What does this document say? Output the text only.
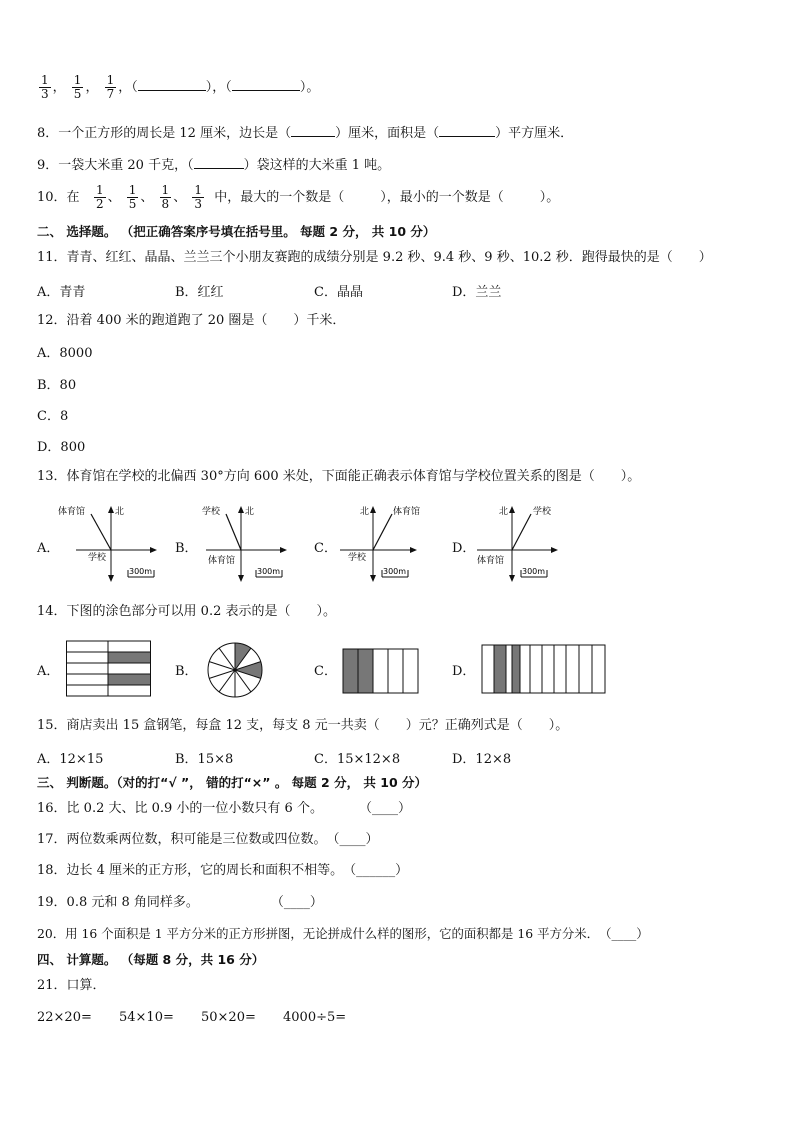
$\frac{1}{3}$ ， $\frac{1}{5}$ ， $\frac{1}{7}$ ，（	），（	）。
8．一个正方形的周长是 12 厘米，边长是（	）厘米，面积是（	）平方厘米．
9．一袋大米重 20 千克，（	）袋这样的大米重 1 吨。
10．在 $\frac{1}{2}$ 、 $\frac{1}{5}$ 、 $\frac{1}{8}$ 、 $\frac{1}{3}$ 中，最大的一个数是（	），最小的一个数是（	）。
二、 选择题。 （把正确答案序号填在括号里。 每题 2 分， 共 10 分）
11．青青、红红、晶晶、兰兰三个小朋友赛跑的成绩分别是 9.2 秒、9.4 秒、9 秒、10.2 秒．跑得最快的是（　　）
A．青青	B．红红	C．晶晶	D．兰兰
12．沿着 400 米的跑道跑了 20 圈是（　　）千米．
A．8000
B．80
C．8
D．800
13．体育馆在学校的北偏西 30°方向 600 米处，下面能正确表示体育馆与学校位置关系的图是（　　）。
A．	B．	C．	D．
体育馆	北
学校
300m
学校	北
体育馆
300m
北	体育馆
学校
300m
北	学校
体育馆
300m
14．下图的涂色部分可以用 0.2 表示的是（　　）。
A．	B．	C．	D．
15．商店卖出 15 盒钢笔，每盒 12 支，每支 8 元一共卖（　　）元？正确列式是（　　）。
A．12×15	B．15×8	C．15×12×8	D．12×8
三、 判断题。（对的打“√ ”， 错的打“×” 。 每题 2 分， 共 10 分）
16．比 0.2 大、比 0.9 小的一位小数只有 6 个。	（____）
17．两位数乘两位数，积可能是三位数或四位数。（____）
18．边长 4 厘米的正方形，它的周长和面积不相等。（______）
19．0.8 元和 8 角同样多。	（____）
20．用 16 个面积是 1 平方分米的正方形拼图，无论拼成什么样的图形，它的面积都是 16 平方分米．（____）
四、 计算题。 （每题 8 分，共 16 分）
21．口算．
22×20= 54×10= 50×20= 4000÷5=
